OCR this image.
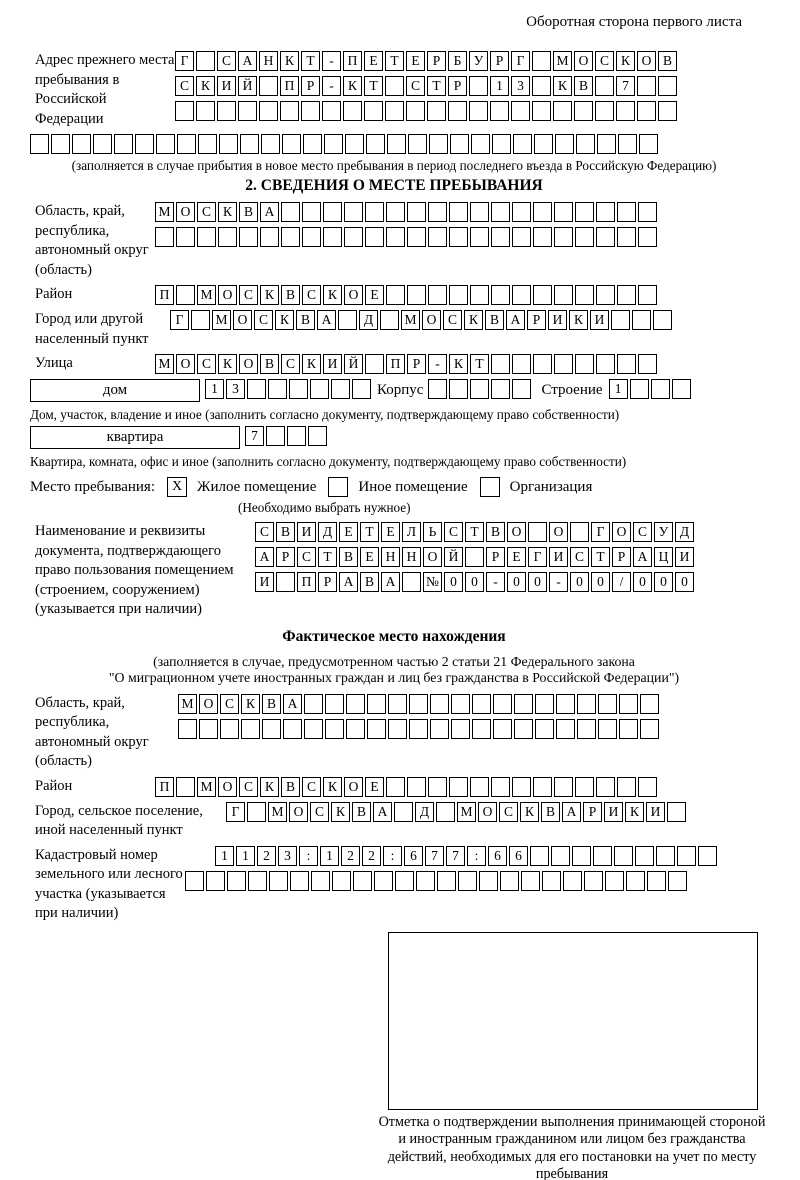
Оборотная сторона первого листа
Адрес прежнего места пребывания в Российской Федерации
Г	С А Н К Т	-	П Е Т Е Р Б У Р Г	М О С К О В
С К И Й	П Р	-	К Т	С Т Р	1	3	К В	7
(заполняется в случае прибытия в новое место пребывания в период последнего въезда в Российскую Федерацию)
2. СВЕДЕНИЯ О МЕСТЕ ПРЕБЫВАНИЯ
Область, край, республика, автономный округ (область)
М О С К В А
Район	П	М О С К В С К О Е
Город или другой населенный пункт
Г	М О С К В А	Д	М О С К В А Р И К И
Улица	М О С К О В С К И Й	П Р	-	К Т
дом	1	3	Корпус	Строение 1
Дом, участок, владение и иное (заполнить согласно документу, подтверждающему право собственности)
квартира	7
Квартира, комната, офис и иное (заполнить согласно документу, подтверждающему право собственности)
Место пребывания:	X Жилое помещение	Иное помещение	Организация
(Необходимо выбрать нужное)
Наименование и реквизиты документа, подтверждающего право пользования помещением (строением, сооружением) (указывается при наличии)
С В И Д Е Т Е Л Ь С Т В О	О	Г О С У Д
А Р С Т В Е Н Н О Й	Р Е Г И С Т Р А Ц И
И	П Р А В А	№ 0	0	-	0	0	-	0	0	/	0	0	0
Фактическое место нахождения
(заполняется в случае, предусмотренном частью 2 статьи 21 Федерального закона
"О миграционном учете иностранных граждан и лиц без гражданства в Российской Федерации")
Область, край, республика, автономный округ (область)
М О С К В А
Район	П	М О С К В С К О Е
Город, сельское поселение, иной населенный пункт
Г	М О С К В А	Д	М О С К В А Р И К И
Кадастровый номер земельного или лесного участка (указывается при наличии)
1	1	2	3	:	1	2	2	:	6	7	7	:	6	6
Отметка о подтверждении выполнения принимающей стороной и иностранным гражданином или лицом без гражданства действий, необходимых для его постановки на учет по месту пребывания
